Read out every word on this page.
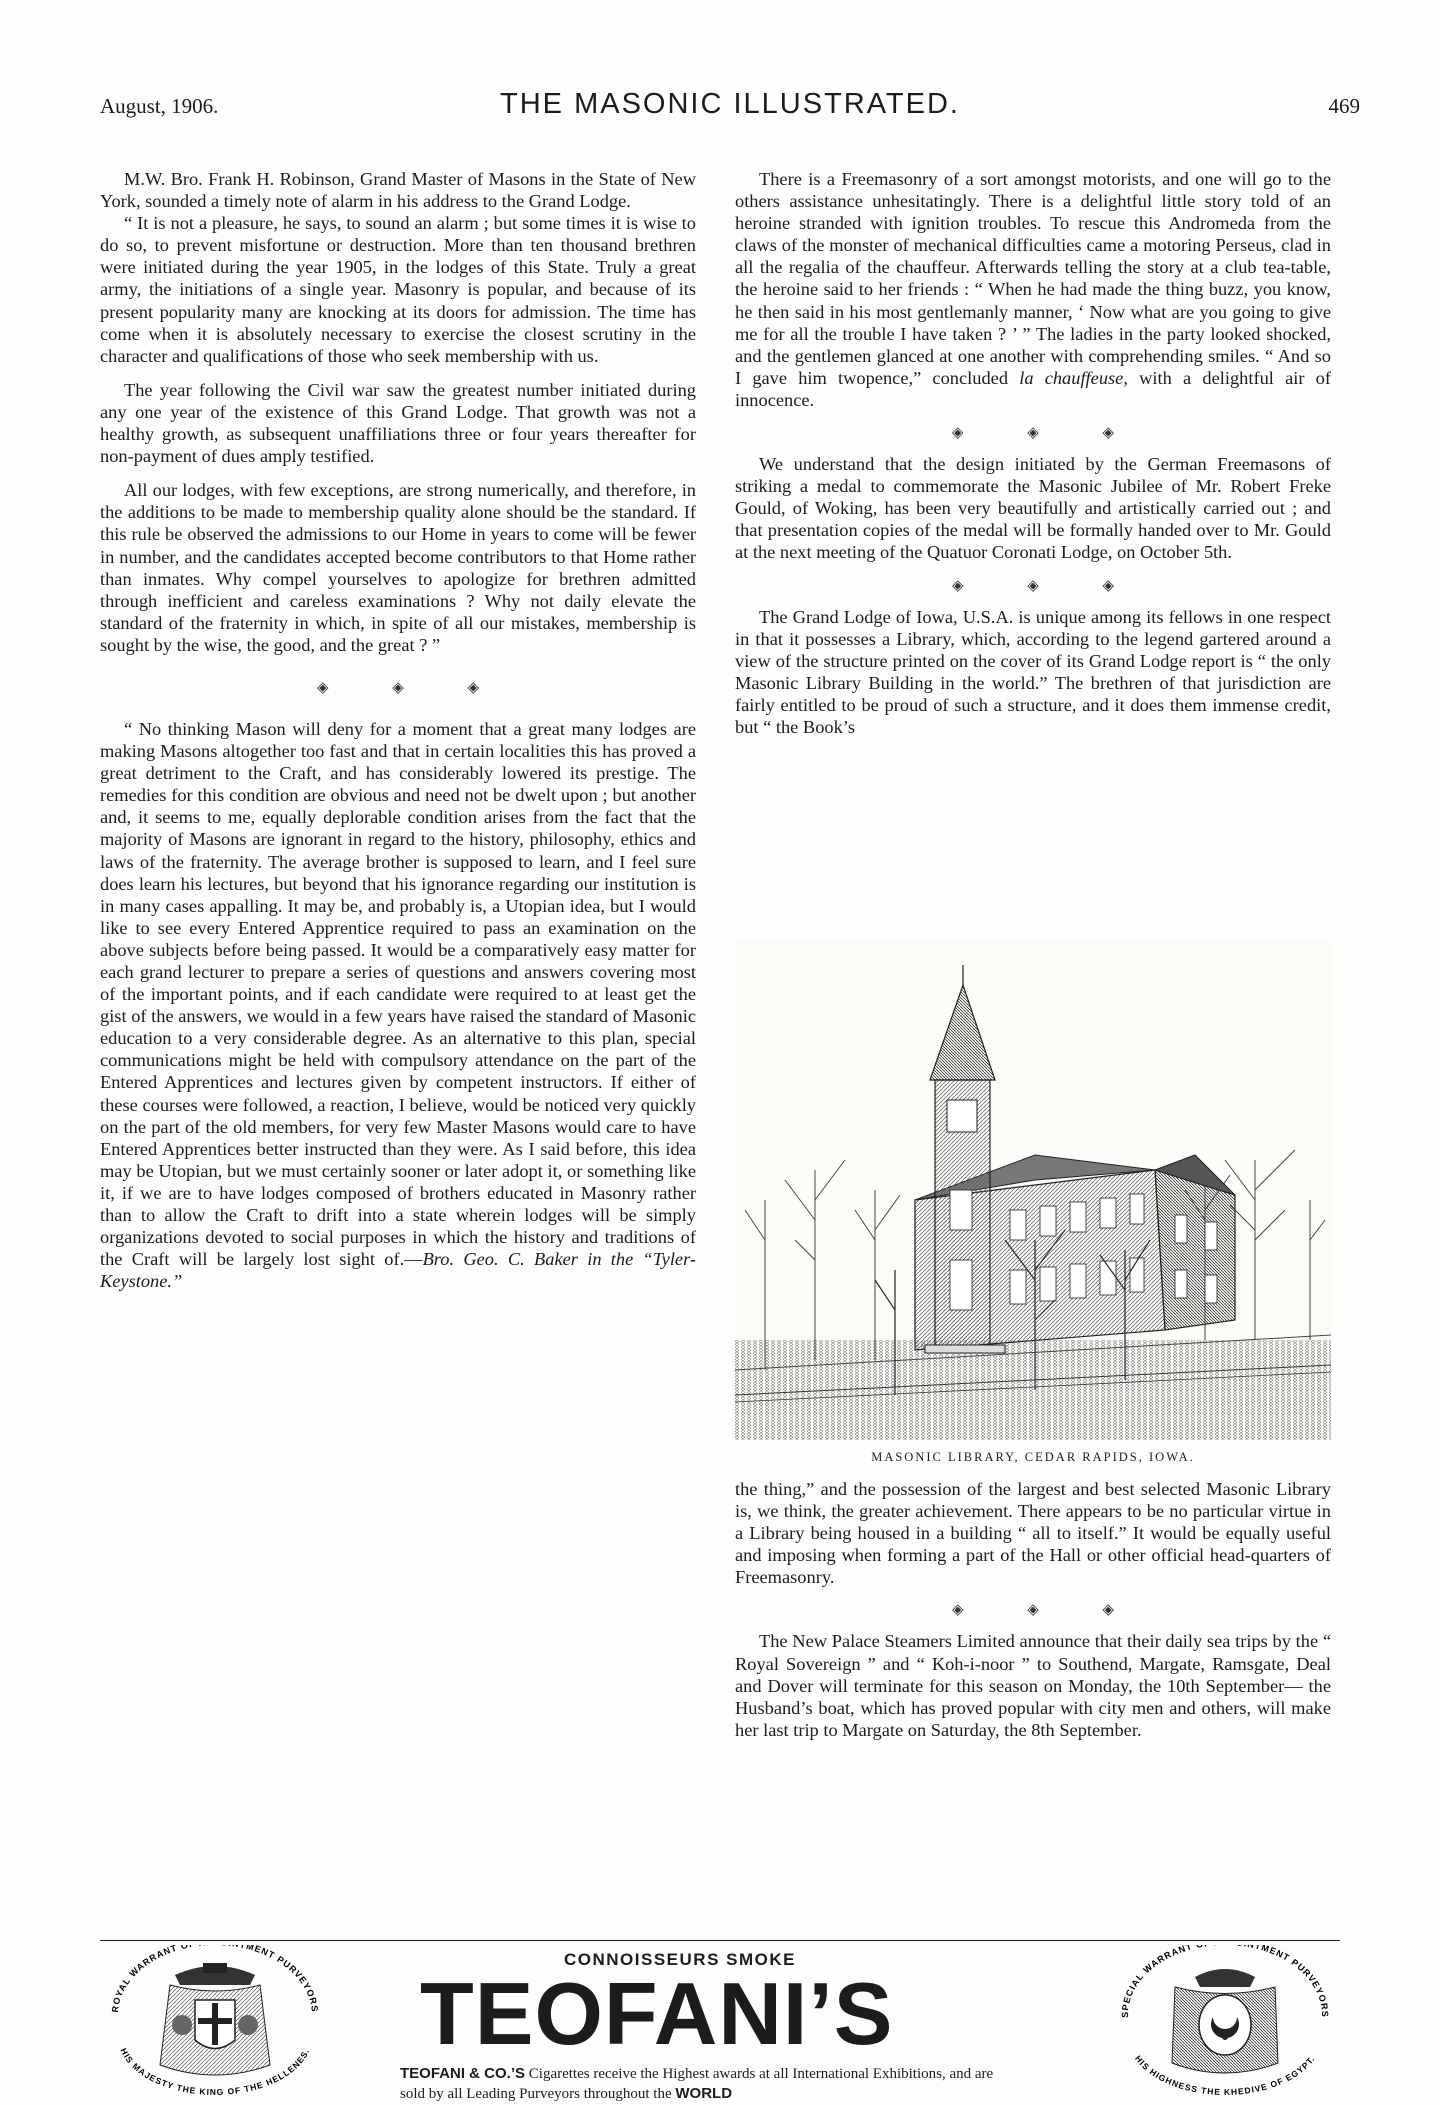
August, 1906.	THE MASONIC ILLUSTRATED.	469

M.W. Bro. Frank H. Robinson, Grand Master of Masons in the State of New York, sounded a timely note of alarm in his address to the Grand Lodge.

“ It is not a pleasure, he says, to sound an alarm ; but some times it is wise to do so, to prevent misfortune or destruction. More than ten thousand brethren were initiated during the year 1905, in the lodges of this State. Truly a great army, the initiations of a single year. Masonry is popular, and because of its present popularity many are knocking at its doors for admission. The time has come when it is absolutely necessary to exercise the closest scrutiny in the character and qualifications of those who seek membership with us.

The year following the Civil war saw the greatest number initiated during any one year of the existence of this Grand Lodge. That growth was not a healthy growth, as subsequent unaffiliations three or four years thereafter for non-payment of dues amply testified.

All our lodges, with few exceptions, are strong numerically, and therefore, in the additions to be made to membership quality alone should be the standard. If this rule be observed the admissions to our Home in years to come will be fewer in number, and the candidates accepted become contributors to that Home rather than inmates. Why compel yourselves to apologize for brethren admitted through inefficient and careless examinations ? Why not daily elevate the standard of the fraternity in which, in spite of all our mistakes, membership is sought by the wise, the good, and the great ? ”

◈ ◈ ◈

“ No thinking Mason will deny for a moment that a great many lodges are making Masons altogether too fast and that in certain localities this has proved a great detriment to the Craft, and has considerably lowered its prestige. The remedies for this condition are obvious and need not be dwelt upon ; but another and, it seems to me, equally deplorable condition arises from the fact that the majority of Masons are ignorant in regard to the history, philosophy, ethics and laws of the fraternity. The average brother is supposed to learn, and I feel sure does learn his lectures, but beyond that his ignorance regarding our institution is in many cases appalling. It may be, and probably is, a Utopian idea, but I would like to see every Entered Apprentice required to pass an examination on the above subjects before being passed. It would be a comparatively easy matter for each grand lecturer to prepare a series of questions and answers covering most of the important points, and if each candidate were required to at least get the gist of the answers, we would in a few years have raised the standard of Masonic education to a very considerable degree. As an alternative to this plan, special communications might be held with compulsory attendance on the part of the Entered Apprentices and lectures given by competent instructors. If either of these courses were followed, a reaction, I believe, would be noticed very quickly on the part of the old members, for very few Master Masons would care to have Entered Apprentices better instructed than they were. As I said before, this idea may be Utopian, but we must certainly sooner or later adopt it, or something like it, if we are to have lodges composed of brothers educated in Masonry rather than to allow the Craft to drift into a state wherein lodges will be simply organizations devoted to social purposes in which the history and traditions of the Craft will be largely lost sight of.—Bro. Geo. C. Baker in the “Tyler-Keystone.”

There is a Freemasonry of a sort amongst motorists, and one will go to the others assistance unhesitatingly. There is a delightful little story told of an heroine stranded with ignition troubles. To rescue this Andromeda from the claws of the monster of mechanical difficulties came a motoring Perseus, clad in all the regalia of the chauffeur. Afterwards telling the story at a club tea-table, the heroine said to her friends : “ When he had made the thing buzz, you know, he then said in his most gentlemanly manner, ‘ Now what are you going to give me for all the trouble I have taken ? ’ ” The ladies in the party looked shocked, and the gentlemen glanced at one another with comprehending smiles. “ And so I gave him twopence,” concluded la chauffeuse, with a delightful air of innocence.

◈ ◈ ◈

We understand that the design initiated by the German Freemasons of striking a medal to commemorate the Masonic Jubilee of Mr. Robert Freke Gould, of Woking, has been very beautifully and artistically carried out ; and that presentation copies of the medal will be formally handed over to Mr. Gould at the next meeting of the Quatuor Coronati Lodge, on October 5th.

◈ ◈ ◈

The Grand Lodge of Iowa, U.S.A. is unique among its fellows in one respect in that it possesses a Library, which, according to the legend gartered around a view of the structure printed on the cover of its Grand Lodge report is “ the only Masonic Library Building in the world.” The brethren of that jurisdiction are fairly entitled to be proud of such a structure, and it does them immense credit, but “ the Book’s

MASONIC LIBRARY, CEDAR RAPIDS, IOWA.

the thing,” and the possession of the largest and best selected Masonic Library is, we think, the greater achievement. There appears to be no particular virtue in a Library being housed in a building “ all to itself.” It would be equally useful and imposing when forming a part of the Hall or other official head-quarters of Freemasonry.

◈ ◈ ◈

The New Palace Steamers Limited announce that their daily sea trips by the “ Royal Sovereign ” and “ Koh-i-noor ” to Southend, Margate, Ramsgate, Deal and Dover will terminate for this season on Monday, the 10th September— the Husband’s boat, which has proved popular with city men and others, will make her last trip to Margate on Saturday, the 8th September.

ROYAL WARRANT O MENT PURVEYORS
HIS MAJESTY THE KING OF THE HELLENES.
CONNOISSEURS SMOKE
TEOFANI’S
TEOFANI & CO.’S Cigarettes receive the Highest awards at all International Exhibitions, and are sold by all Leading Purveyors throughout the WORLD
SPECIAL WARRANT TMENT PURVEYORS
HIS HIGHNESS THE KHEDIVE OF EGYPT.
